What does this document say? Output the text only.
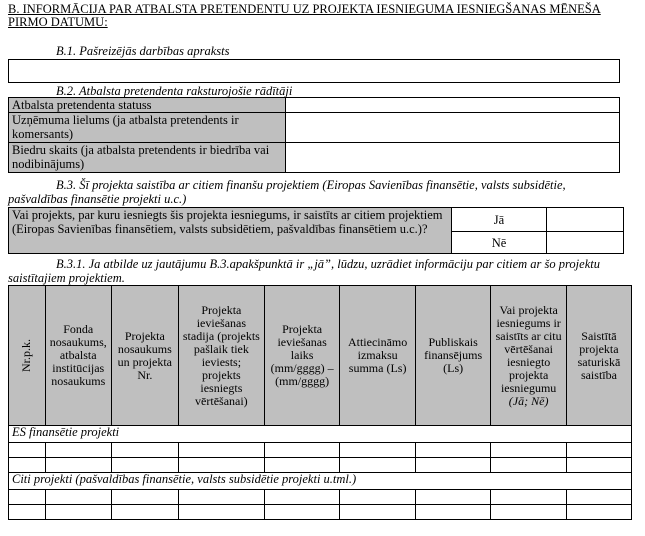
B. INFORMĀCIJA PAR ATBALSTA PRETENDENTU UZ PROJEKTA IESNIEGUMA IESNIEGŠANAS MĒNEŠA PIRMO DATUMU:
B.1. Pašreizējās darbības apraksts
B.2. Atbalsta pretendenta raksturojošie rādītāji
Atbalsta pretendenta statuss	
Uzņēmuma lielums (ja atbalsta pretendents ir komersants)	
Biedru skaits (ja atbalsta pretendents ir biedrība vai nodibinājums)	
B.3. Šī projekta saistība ar citiem finanšu projektiem (Eiropas Savienības finansētie, valsts subsidētie, pašvaldības finansētie projekti u.c.)
Vai projekts, par kuru iesniegts šis projekta iesniegums, ir saistīts ar citiem projektiem (Eiropas Savienības finansētiem, valsts subsidētiem, pašvaldības finansētiem u.c.)?	Jā	
	Nē	
B.3.1. Ja atbilde uz jautājumu B.3.apakšpunktā ir „jā”, lūdzu, uzrādiet informāciju par citiem ar šo projektu saistītajiem projektiem.
Nr.p.k.	Fonda nosaukums, atbalsta institūcijas nosaukums	Projekta nosaukums un projekta Nr.	Projekta ieviešanas stadija (projekts pašlaik tiek ieviests; projekts iesniegts vērtēšanai)	Projekta ieviešanas laiks (mm/gggg) – (mm/gggg)	Attiecināmo izmaksu summa (Ls)	Publiskais finansējums (Ls)	Vai projekta iesniegums ir saistīts ar citu vērtēšanai iesniegto projekta iesniegumu (Jā; Nē)	Saistītā projekta saturiskā saistība
ES finansētie projekti								

Citi projekti (pašvaldības finansētie, valsts subsidētie projekti u.tml.)								
